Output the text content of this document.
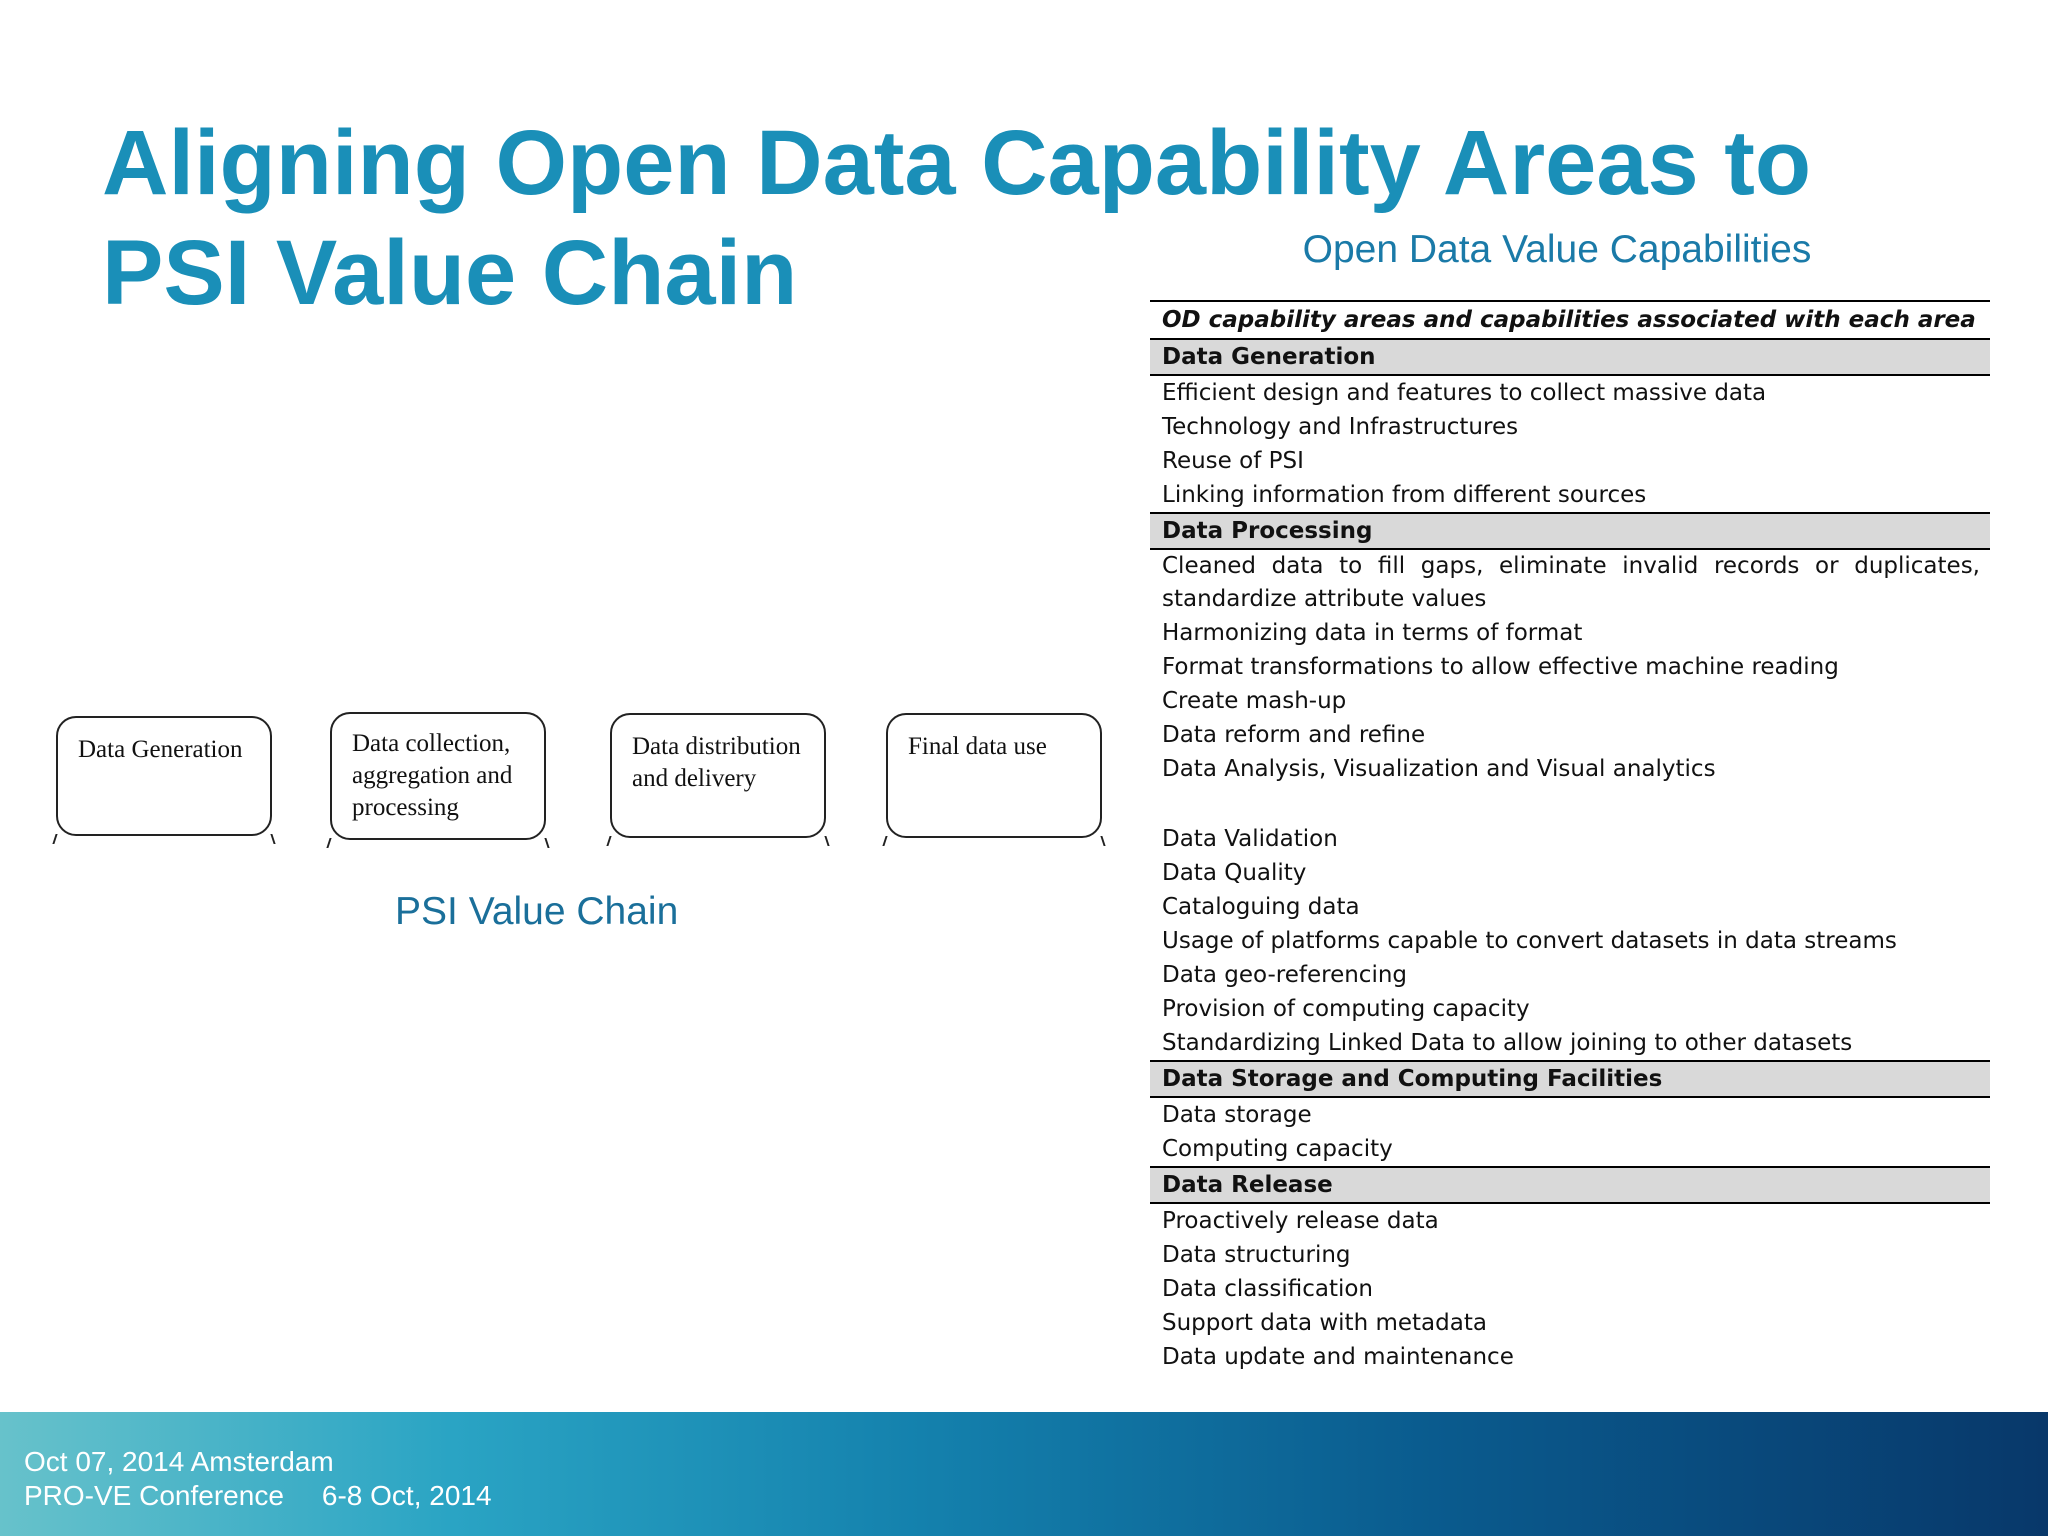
Aligning Open Data Capability Areas to
PSI Value Chain	Open Data Value Capabilities
OD capability areas and capabilities associated with each area
Data Generation
Efficient design and features to collect massive data
Technology and Infrastructures
Reuse of PSI
Linking information from different sources
Data Processing
Cleaned data to fill gaps, eliminate invalid records or duplicates, standardize attribute values
Harmonizing data in terms of format
Format transformations to allow effective machine reading
Create mash-up
Data reform and refine
Data Analysis, Visualization and Visual analytics
Data Validation
Data Quality
Cataloguing data
Usage of platforms capable to convert datasets in data streams
Data geo-referencing
Provision of computing capacity
Standardizing Linked Data to allow joining to other datasets
Data Storage and Computing Facilities
Data storage
Computing capacity
Data Release
Proactively release data
Data structuring
Data classification
Support data with metadata
Data update and maintenance
Data Generation	Data collection, aggregation and processing
Data distribution and delivery
Final data use
PSI Value Chain
Oct 07, 2014 Amsterdam
PRO-VE Conference 6-8 Oct, 2014
